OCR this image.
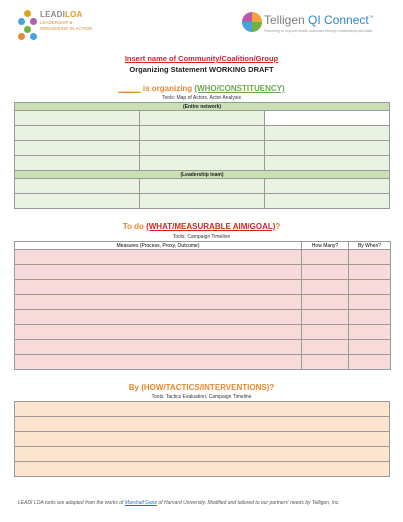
LEADILOA
LEADERSHIP & ORGANIZING IN ACTION
Telligen QI Connect™
Partnering to improve health outcomes through relationships and data
Insert name of Community/Coalition/Group
Organizing Statement WORKING DRAFT
_____ is organizing (WHO/CONSTITUENCY)
Tools: Map of Actors, Actor Analysis
(Entire network)		

(Leadership team)		

To do (WHAT/MEASURABLE AIM/GOAL)?
Tools: Campaign Timeline
Measures (Process, Proxy, Outcome)	How Many?	By When?

By (HOW/TACTICS/INTERVENTIONS)?
Tools: Tactics Evaluation, Campaign Timeline

LEADI LOA tools are adapted from the works of Marshall Ganz of Harvard University. Modified and tailored to our partners' needs by Telligen, Inc.
